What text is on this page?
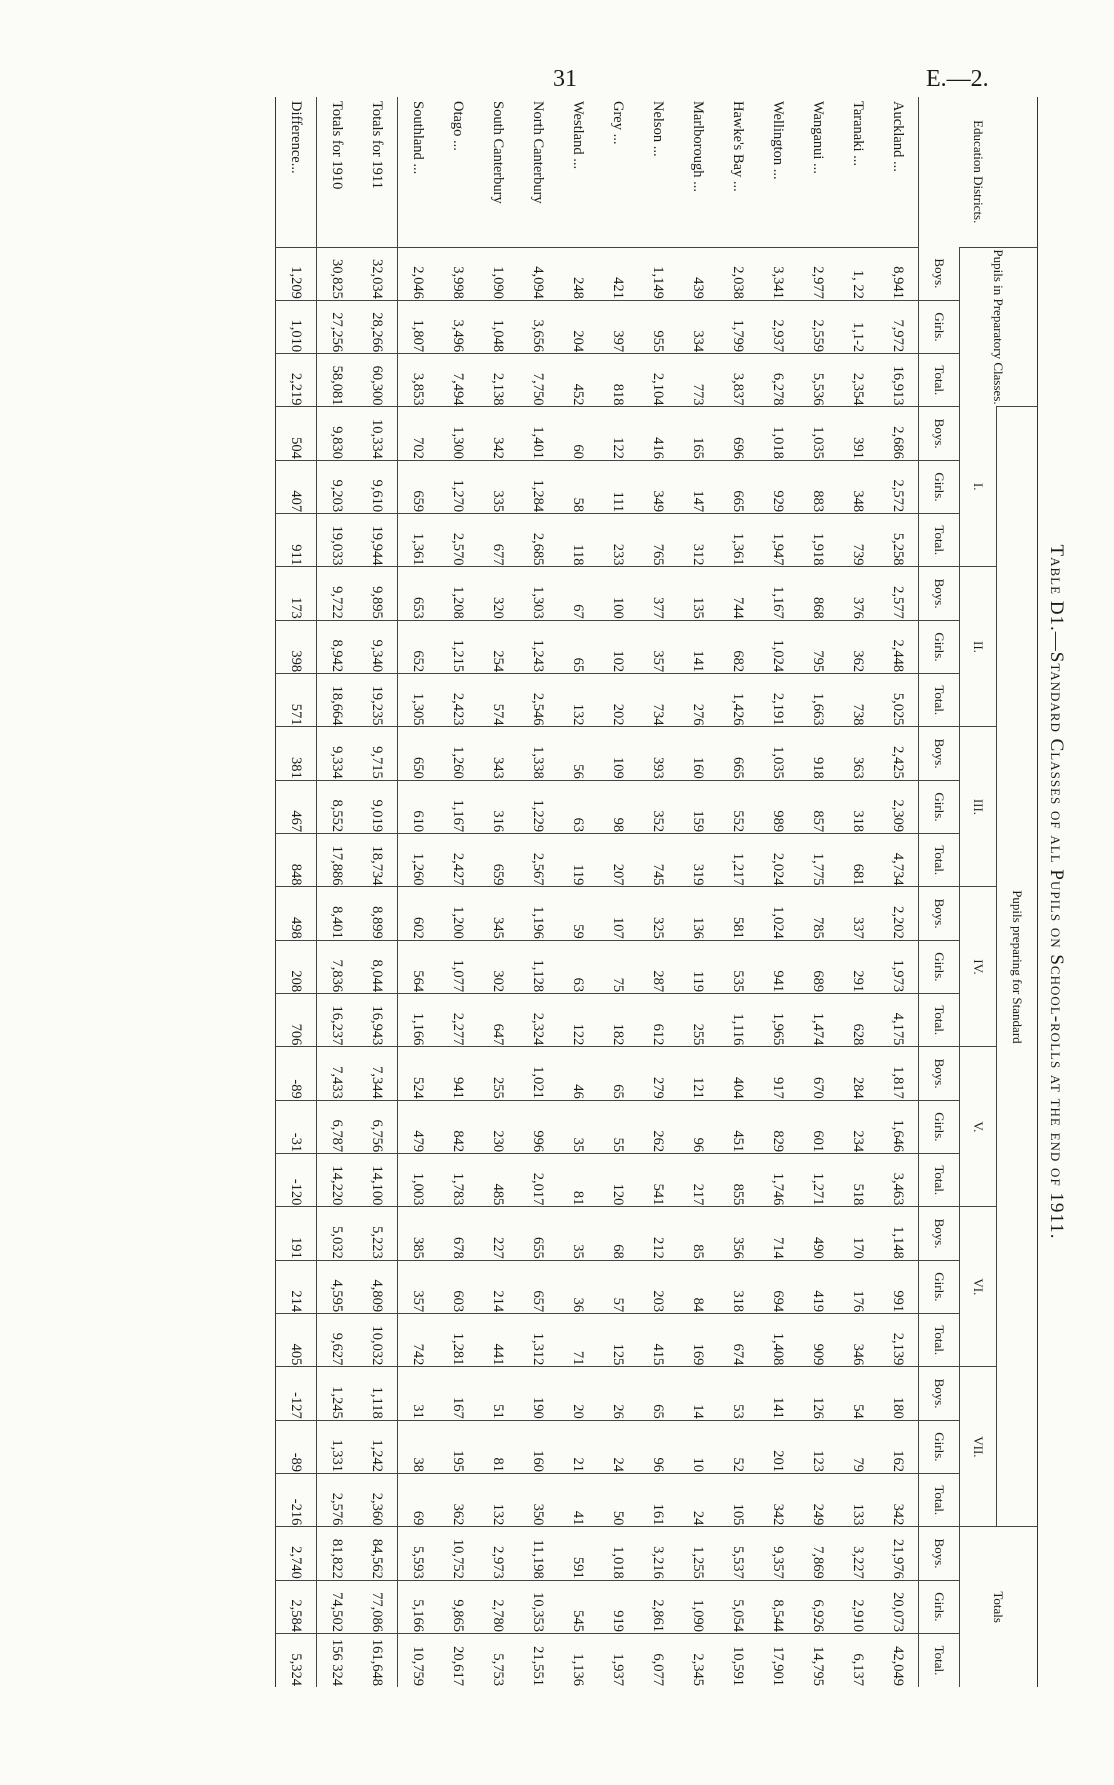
31	E.—2.
Table D1.—Standard Classes of all Pupils on School-rolls at the end of 1911.
Education Districts.	Pupils in Preparatory Classes.			Pupils preparing for Standard																					Totals		
				I.			II.			III.			IV.			V.			VI.			VII.					
	Boys.	Girls.	Total.	Boys.	Girls.	Total.	Boys.	Girls.	Total.	Boys.	Girls.	Total.	Boys.	Girls.	Total.	Boys.	Girls.	Total.	Boys.	Girls.	Total.	Boys.	Girls.	Total.	Boys.	Girls.	Total.
Auckland ...	8,941	7,972	16,913	2,686	2,572	5,258	2,577	2,448	5,025	2,425	2,309	4,734	2,202	1,973	4,175	1,817	1,646	3,463	1,148	991	2,139	180	162	342	21,976	20,073	42,049
Taranaki ...	1, 22	1,1-2	2,354	391	348	739	376	362	738	363	318	681	337	291	628	284	234	518	170	176	346	54	79	133	3,227	2,910	6,137
Wanganui ...	2,977	2,559	5,536	1,035	883	1,918	868	795	1,663	918	857	1,775	785	689	1,474	670	601	1,271	490	419	909	126	123	249	7,869	6,926	14,795
Wellington ...	3,341	2,937	6,278	1,018	929	1,947	1,167	1,024	2,191	1,035	989	2,024	1,024	941	1,965	917	829	1,746	714	694	1,408	141	201	342	9,357	8,544	17,901
Hawke's Bay ...	2,038	1,799	3,837	696	665	1,361	744	682	1,426	665	552	1,217	581	535	1,116	404	451	855	356	318	674	53	52	105	5,537	5,054	10,591
Marlborough ...	439	334	773	165	147	312	135	141	276	160	159	319	136	119	255	121	96	217	85	84	169	14	10	24	1,255	1,090	2,345
Nelson ...	1,149	955	2,104	416	349	765	377	357	734	393	352	745	325	287	612	279	262	541	212	203	415	65	96	161	3,216	2,861	6,077
Grey ...	421	397	818	122	111	233	100	102	202	109	98	207	107	75	182	65	55	120	68	57	125	26	24	50	1,018	919	1,937
Westland ...	248	204	452	60	58	118	67	65	132	56	63	119	59	63	122	46	35	81	35	36	71	20	21	41	591	545	1,136
North Canterbury	4,094	3,656	7,750	1,401	1,284	2,685	1,303	1,243	2,546	1,338	1,229	2,567	1,196	1,128	2,324	1,021	996	2,017	655	657	1,312	190	160	350	11,198	10,353	21,551
South Canterbury	1,090	1,048	2,138	342	335	677	320	254	574	343	316	659	345	302	647	255	230	485	227	214	441	51	81	132	2,973	2,780	5,753
Otago ...	3,998	3,496	7,494	1,300	1,270	2,570	1,208	1,215	2,423	1,260	1,167	2,427	1,200	1,077	2,277	941	842	1,783	678	603	1,281	167	195	362	10,752	9,865	20,617
Southland ...	2,046	1,807	3,853	702	659	1,361	653	652	1,305	650	610	1,260	602	564	1,166	524	479	1,003	385	357	742	31	38	69	5,593	5,166	10,759
Totals for 1911	32,034	28,266	60,300	10,334	9,610	19,944	9,895	9,340	19,235	9,715	9,019	18,734	8,899	8,044	16,943	7,344	6,756	14,100	5,223	4,809	10,032	1,118	1,242	2,360	84,562	77,086	161,648
Totals for 1910	30,825	27,256	58,081	9,830	9,203	19,033	9,722	8,942	18,664	9,334	8,552	17,886	8,401	7,836	16,237	7,433	6,787	14,220	5,032	4,595	9,627	1,245	1,331	2,576	81,822	74,502	156 324
Difference...	1,209	1,010	2,219	504	407	911	173	398	571	381	467	848	498	208	706	-89	-31	-120	191	214	405	-127	-89	-216	2,740	2,584	5,324
